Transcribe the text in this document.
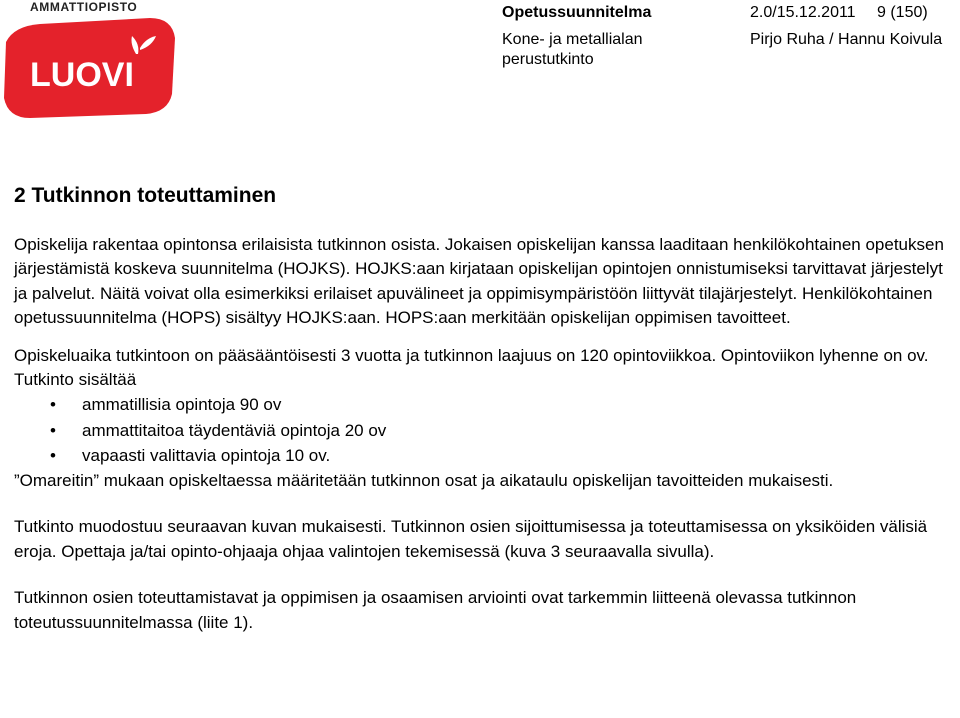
AMMATTIOPISTO
LUOVI
Opetussuunnitelma	2.0/15.12.2011 9 (150)
Kone- ja metallialan
perustutkinto
Pirjo Ruha / Hannu Koivula
2 Tutkinnon toteuttaminen

Opiskelija rakentaa opintonsa erilaisista tutkinnon osista. Jokaisen opiskelijan kanssa laaditaan henkilökohtainen opetuksen järjestämistä koskeva suunnitelma (HOJKS). HOJKS:aan kirjataan opiskelijan opintojen onnistumiseksi tarvittavat järjestelyt ja palvelut. Näitä voivat olla esimerkiksi erilaiset apuvälineet ja oppimisympäristöön liittyvät tilajärjestelyt. Henkilökohtainen opetussuunnitelma (HOPS) sisältyy HOJKS:aan. HOPS:aan merkitään opiskelijan oppimisen tavoitteet.

Opiskeluaika tutkintoon on pääsääntöisesti 3 vuotta ja tutkinnon laajuus on 120 opintoviikkoa. Opintoviikon lyhenne on ov. Tutkinto sisältää

• ammatillisia opintoja 90 ov
• ammattitaitoa täydentäviä opintoja 20 ov
• vapaasti valittavia opintoja 10 ov.

”Omareitin” mukaan opiskeltaessa määritetään tutkinnon osat ja aikataulu opiskelijan tavoitteiden mukaisesti.

Tutkinto muodostuu seuraavan kuvan mukaisesti. Tutkinnon osien sijoittumisessa ja toteuttamisessa on yksiköiden välisiä eroja. Opettaja ja/tai opinto-ohjaaja ohjaa valintojen tekemisessä (kuva 3 seuraavalla sivulla).

Tutkinnon osien toteuttamistavat ja oppimisen ja osaamisen arviointi ovat tarkemmin liitteenä olevassa tutkinnon toteutussuunnitelmassa (liite 1).
